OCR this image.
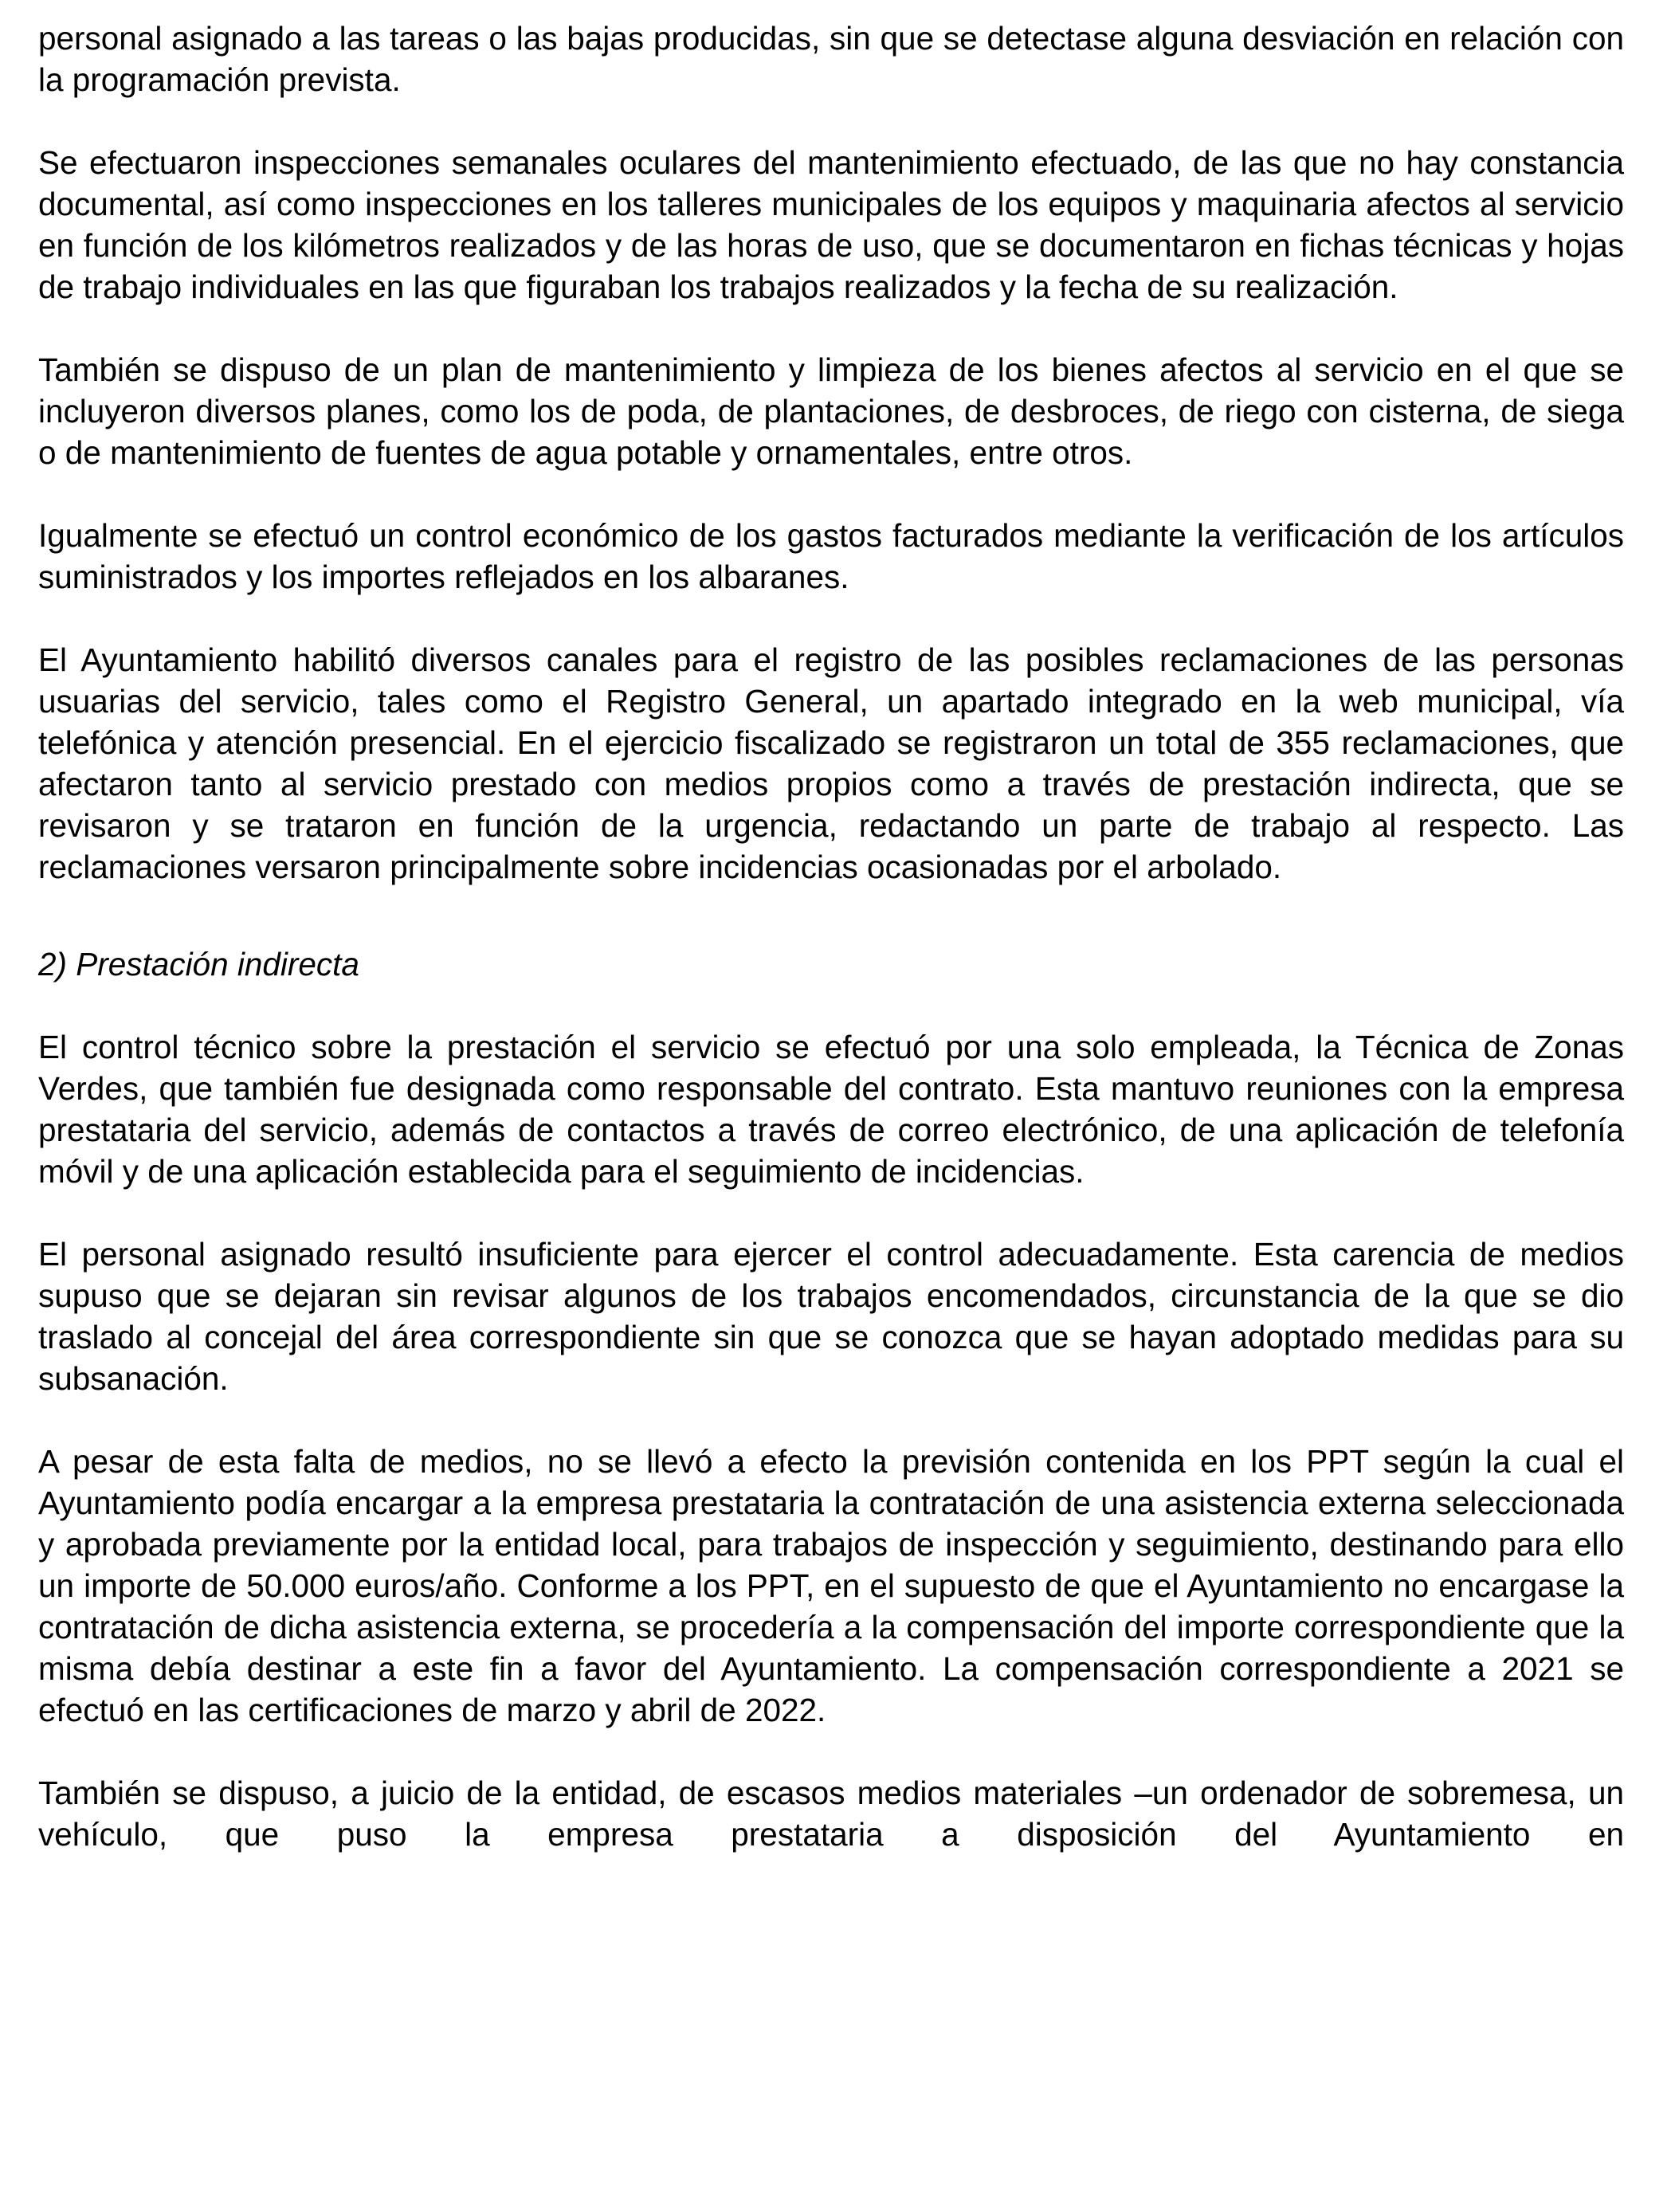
personal asignado a las tareas o las bajas producidas, sin que se detectase alguna desviación en relación con la programación prevista.

Se efectuaron inspecciones semanales oculares del mantenimiento efectuado, de las que no hay constancia documental, así como inspecciones en los talleres municipales de los equipos y maquinaria afectos al servicio en función de los kilómetros realizados y de las horas de uso, que se documentaron en fichas técnicas y hojas de trabajo individuales en las que figuraban los trabajos realizados y la fecha de su realización.

También se dispuso de un plan de mantenimiento y limpieza de los bienes afectos al servicio en el que se incluyeron diversos planes, como los de poda, de plantaciones, de desbroces, de riego con cisterna, de siega o de mantenimiento de fuentes de agua potable y ornamentales, entre otros.

Igualmente se efectuó un control económico de los gastos facturados mediante la verificación de los artículos suministrados y los importes reflejados en los albaranes.

El Ayuntamiento habilitó diversos canales para el registro de las posibles reclamaciones de las personas usuarias del servicio, tales como el Registro General, un apartado integrado en la web municipal, vía telefónica y atención presencial. En el ejercicio fiscalizado se registraron un total de 355 reclamaciones, que afectaron tanto al servicio prestado con medios propios como a través de prestación indirecta, que se revisaron y se trataron en función de la urgencia, redactando un parte de trabajo al respecto. Las reclamaciones versaron principalmente sobre incidencias ocasionadas por el arbolado.

2) Prestación indirecta

El control técnico sobre la prestación el servicio se efectuó por una solo empleada, la Técnica de Zonas Verdes, que también fue designada como responsable del contrato. Esta mantuvo reuniones con la empresa prestataria del servicio, además de contactos a través de correo electrónico, de una aplicación de telefonía móvil y de una aplicación establecida para el seguimiento de incidencias.

El personal asignado resultó insuficiente para ejercer el control adecuadamente. Esta carencia de medios supuso que se dejaran sin revisar algunos de los trabajos encomendados, circunstancia de la que se dio traslado al concejal del área correspondiente sin que se conozca que se hayan adoptado medidas para su subsanación.

A pesar de esta falta de medios, no se llevó a efecto la previsión contenida en los PPT según la cual el Ayuntamiento podía encargar a la empresa prestataria la contratación de una asistencia externa seleccionada y aprobada previamente por la entidad local, para trabajos de inspección y seguimiento, destinando para ello un importe de 50.000 euros/año. Conforme a los PPT, en el supuesto de que el Ayuntamiento no encargase la contratación de dicha asistencia externa, se procedería a la compensación del importe correspondiente que la misma debía destinar a este fin a favor del Ayuntamiento. La compensación correspondiente a 2021 se efectuó en las certificaciones de marzo y abril de 2022.

También se dispuso, a juicio de la entidad, de escasos medios materiales –un ordenador de sobremesa, un vehículo, que puso la empresa prestataria a disposición del Ayuntamiento en
